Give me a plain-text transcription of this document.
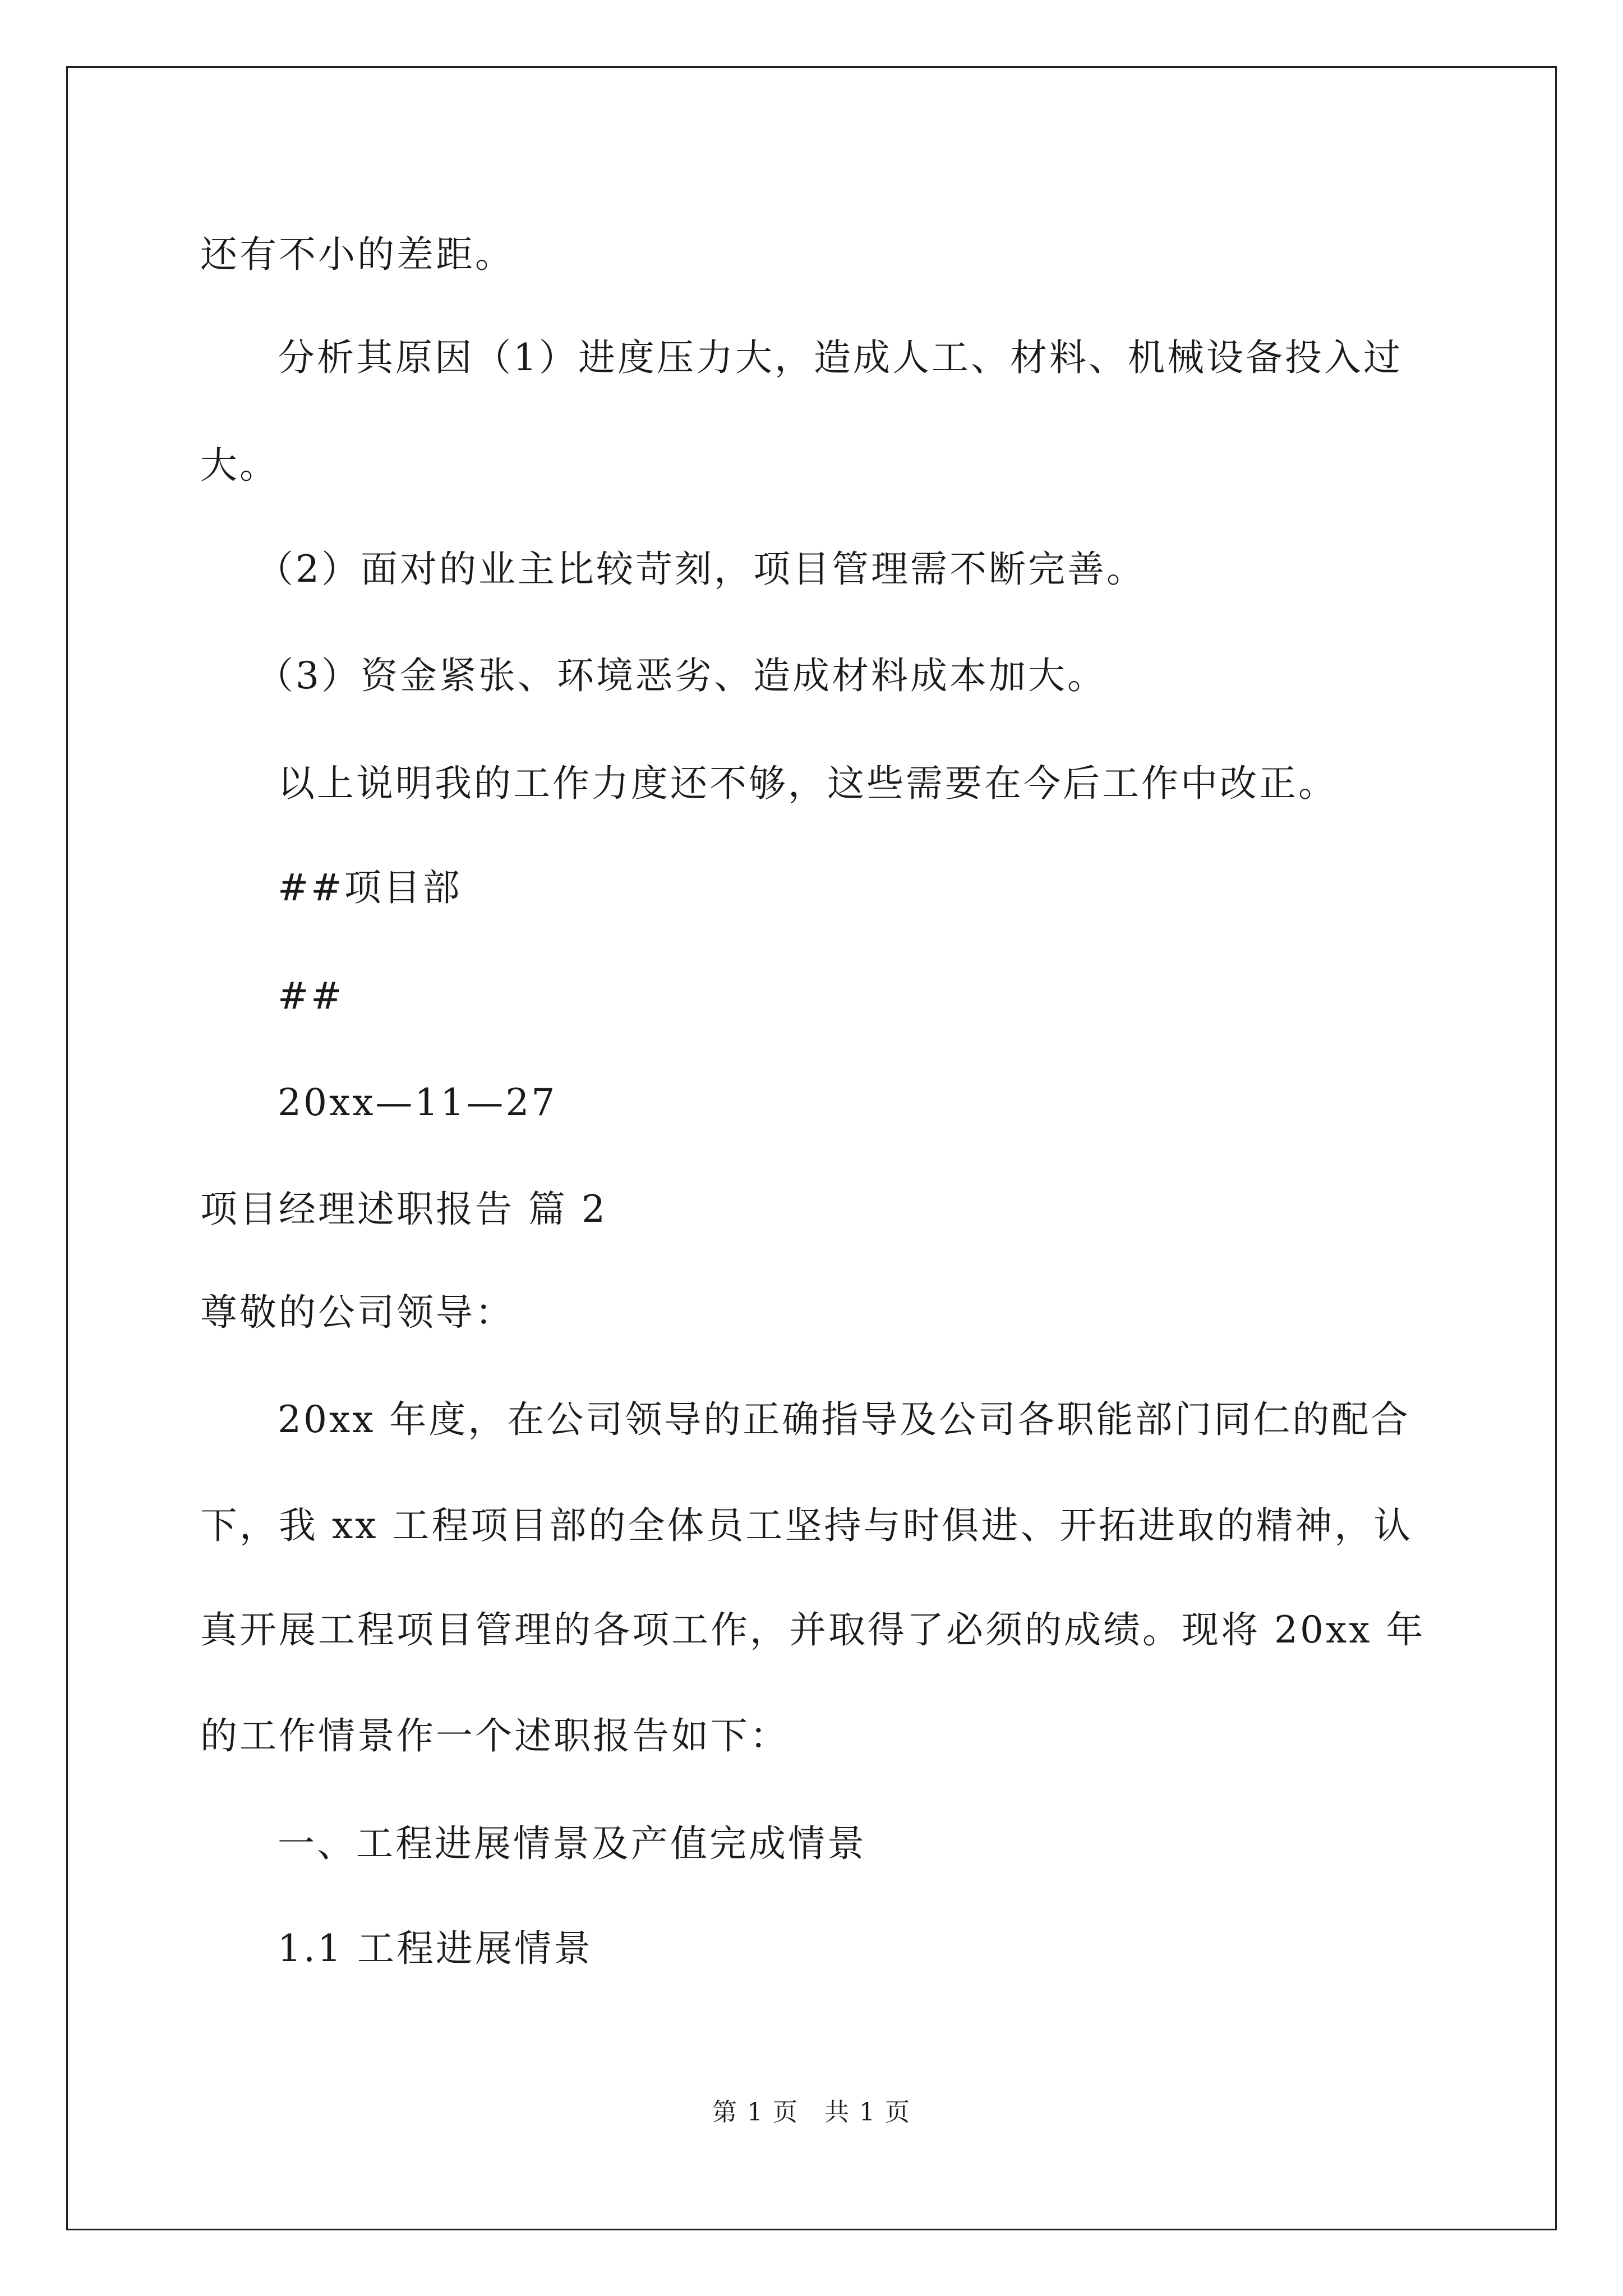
还有不小的差距。
分析其原因（1）进度压力大，造成人工、材料、机械设备投入过
大。
（2）面对的业主比较苛刻，项目管理需不断完善。
（3）资金紧张、环境恶劣、造成材料成本加大。
以上说明我的工作力度还不够，这些需要在今后工作中改正。
##项目部
##
20xx—11—27
项目经理述职报告 篇 2
尊敬的公司领导：
20xx 年度，在公司领导的正确指导及公司各职能部门同仁的配合
下，我 xx 工程项目部的全体员工坚持与时俱进、开拓进取的精神，认
真开展工程项目管理的各项工作，并取得了必须的成绩。现将 20xx 年
的工作情景作一个述职报告如下：
一、工程进展情景及产值完成情景
1.1 工程进展情景
第 1 页　共 1 页
